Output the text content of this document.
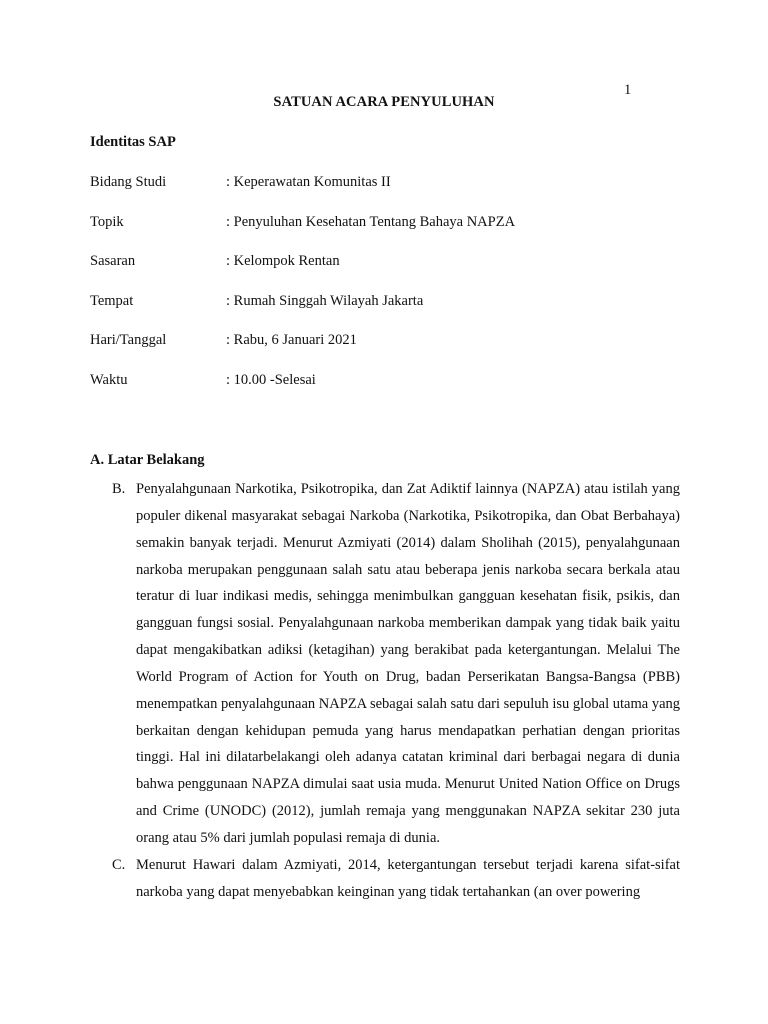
1
SATUAN ACARA PENYULUHAN
Identitas SAP
Bidang Studi	: Keperawatan Komunitas II
Topik	: Penyuluhan Kesehatan Tentang Bahaya NAPZA
Sasaran	: Kelompok Rentan
Tempat	: Rumah Singgah Wilayah Jakarta
Hari/Tanggal	: Rabu, 6 Januari 2021
Waktu	: 10.00 -Selesai
A. Latar Belakang
B. Penyalahgunaan Narkotika, Psikotropika, dan Zat Adiktif lainnya (NAPZA) atau istilah yang populer dikenal masyarakat sebagai Narkoba (Narkotika, Psikotropika, dan Obat Berbahaya) semakin banyak terjadi. Menurut Azmiyati (2014) dalam Sholihah (2015), penyalahgunaan narkoba merupakan penggunaan salah satu atau beberapa jenis narkoba secara berkala atau teratur di luar indikasi medis, sehingga menimbulkan gangguan kesehatan fisik, psikis, dan gangguan fungsi sosial. Penyalahgunaan narkoba memberikan dampak yang tidak baik yaitu dapat mengakibatkan adiksi (ketagihan) yang berakibat pada ketergantungan. Melalui The World Program of Action for Youth on Drug, badan Perserikatan Bangsa-Bangsa (PBB) menempatkan penyalahgunaan NAPZA sebagai salah satu dari sepuluh isu global utama yang berkaitan dengan kehidupan pemuda yang harus mendapatkan perhatian dengan prioritas tinggi. Hal ini dilatarbelakangi oleh adanya catatan kriminal dari berbagai negara di dunia bahwa penggunaan NAPZA dimulai saat usia muda. Menurut United Nation Office on Drugs and Crime (UNODC) (2012), jumlah remaja yang menggunakan NAPZA sekitar 230 juta orang atau 5% dari jumlah populasi remaja di dunia.

C. Menurut Hawari dalam Azmiyati, 2014, ketergantungan tersebut terjadi karena sifat-sifat narkoba yang dapat menyebabkan keinginan yang tidak tertahankan (an over powering
